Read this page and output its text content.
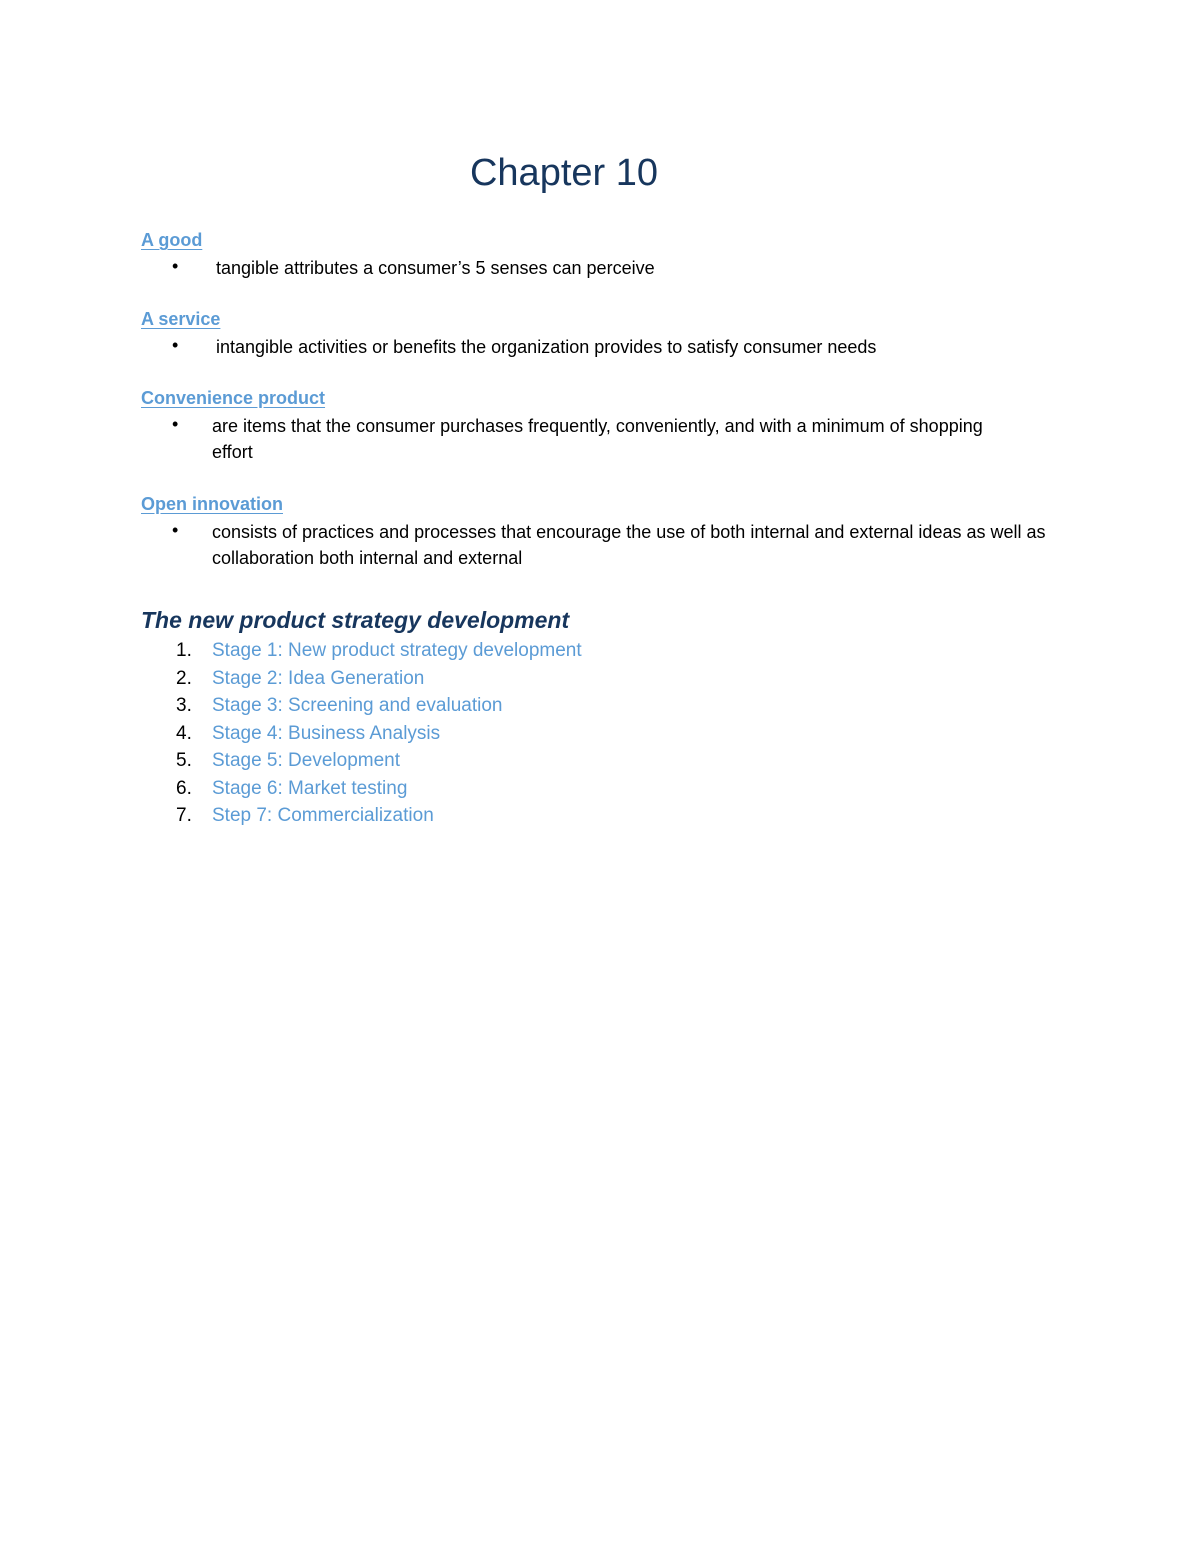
Chapter 10
A good
• tangible attributes a consumer’s 5 senses can perceive
A service
• intangible activities or benefits the organization provides to satisfy consumer needs
Convenience product
• are items that the consumer purchases frequently, conveniently, and with a minimum of shopping effort
Open innovation
• consists of practices and processes that encourage the use of both internal and external ideas as well as collaboration both internal and external
The new product strategy development
1. Stage 1: New product strategy development
2. Stage 2: Idea Generation
3. Stage 3: Screening and evaluation
4. Stage 4: Business Analysis
5. Stage 5: Development
6. Stage 6: Market testing
7. Step 7: Commercialization
